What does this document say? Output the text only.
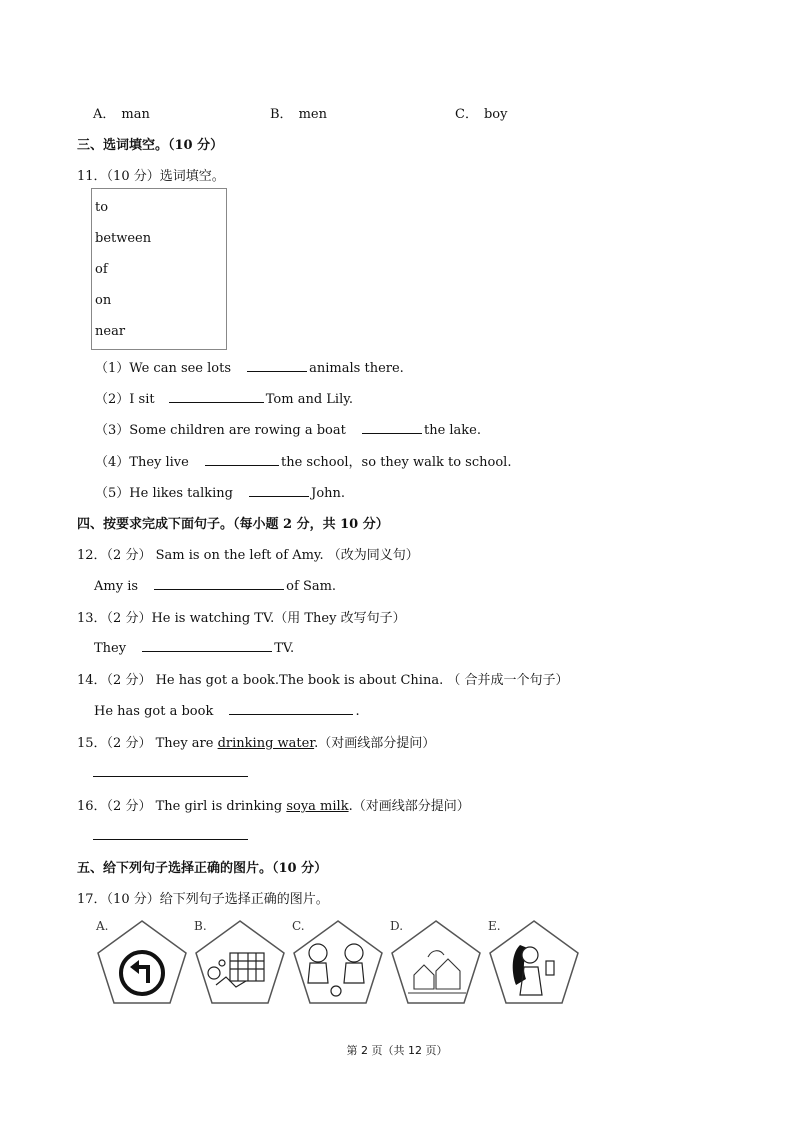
A． man	B． men	C． boy
三、选词填空。（10 分）
11．（10 分）选词填空。
to
between
of
on
near
（1）We can see lots	animals there.
（2）I sit	Tom and Lily.
（3）Some children are rowing a boat	the lake.
（4）They live	the school，so they walk to school.
（5）He likes talking	John.
四、按要求完成下面句子。（每小题 2 分，共 10 分）
12．（2 分） Sam is on the left of Amy. （改为同义句）
Amy is	of Sam.
13．（2 分）He is watching TV.（用 They 改写句子）
They	TV.
14．（2 分） He has got a book.The book is about China. （ 合并成一个句子）
He has got a book	.
15．（2 分） They are drinking water.（对画线部分提问）
16．（2 分） The girl is drinking soya milk.（对画线部分提问）
五、给下列句子选择正确的图片。（10 分）
17．（10 分）给下列句子选择正确的图片。
A.	B.	C.	D.	E.
第 2 页（共 12 页）
